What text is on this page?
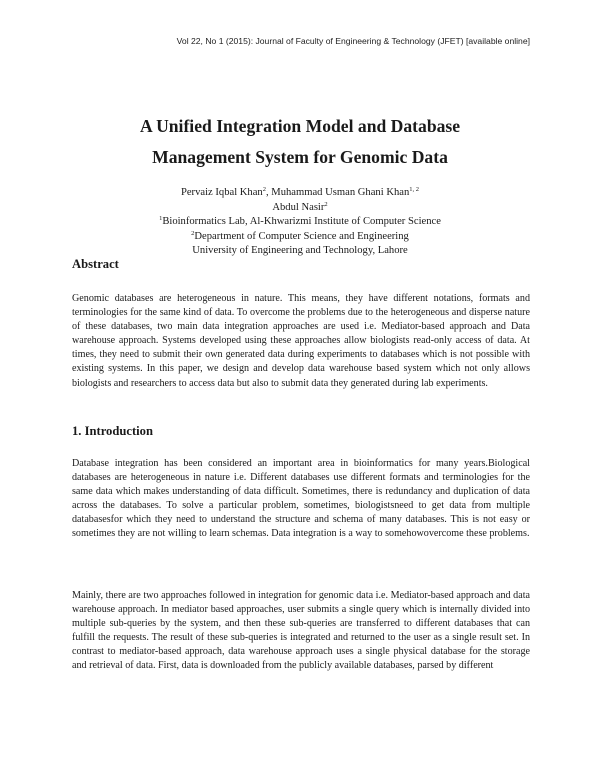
Vol 22, No 1 (2015): Journal of Faculty of Engineering & Technology (JFET) [available online]
A Unified Integration Model and Database
Management System for Genomic Data
Pervaiz Iqbal Khan$^2$, Muhammad Usman Ghani Khan$^{1, 2}$
Abdul Nasir$^2$
$^1$Bioinformatics Lab, Al-Khwarizmi Institute of Computer Science
$^2$Department of Computer Science and Engineering
University of Engineering and Technology, Lahore
Abstract
Genomic databases are heterogeneous in nature. This means, they have different notations, formats and terminologies for the same kind of data. To overcome the problems due to the heterogeneous and disperse nature of these databases, two main data integration approaches are used i.e. Mediator-based approach and Data warehouse approach. Systems developed using these approaches allow biologists read-only access of data. At times, they need to submit their own generated data during experiments to databases which is not possible with existing systems. In this paper, we design and develop data warehouse based system which not only allows biologists and researchers to access data but also to submit data they generated during lab experiments.
1. Introduction
Database integration has been considered an important area in bioinformatics for many years.Biological databases are heterogeneous in nature i.e. Different databases use different formats and terminologies for the same data which makes understanding of data difficult. Sometimes, there is redundancy and duplication of data across the databases. To solve a particular problem, sometimes, biologistsneed to get data from multiple databasesfor which they need to understand the structure and schema of many databases. This is not easy or sometimes they are not willing to learn schemas. Data integration is a way to somehowovercome these problems.
Mainly, there are two approaches followed in integration for genomic data i.e. Mediator-based approach and data warehouse approach. In mediator based approaches, user submits a single query which is internally divided into multiple sub-queries by the system, and then these sub-queries are transferred to different databases that can fulfill the requests. The result of these sub-queries is integrated and returned to the user as a single result set. In contrast to mediator-based approach, data warehouse approach uses a single physical database for the storage and retrieval of data. First, data is downloaded from the publicly available databases, parsed by different
